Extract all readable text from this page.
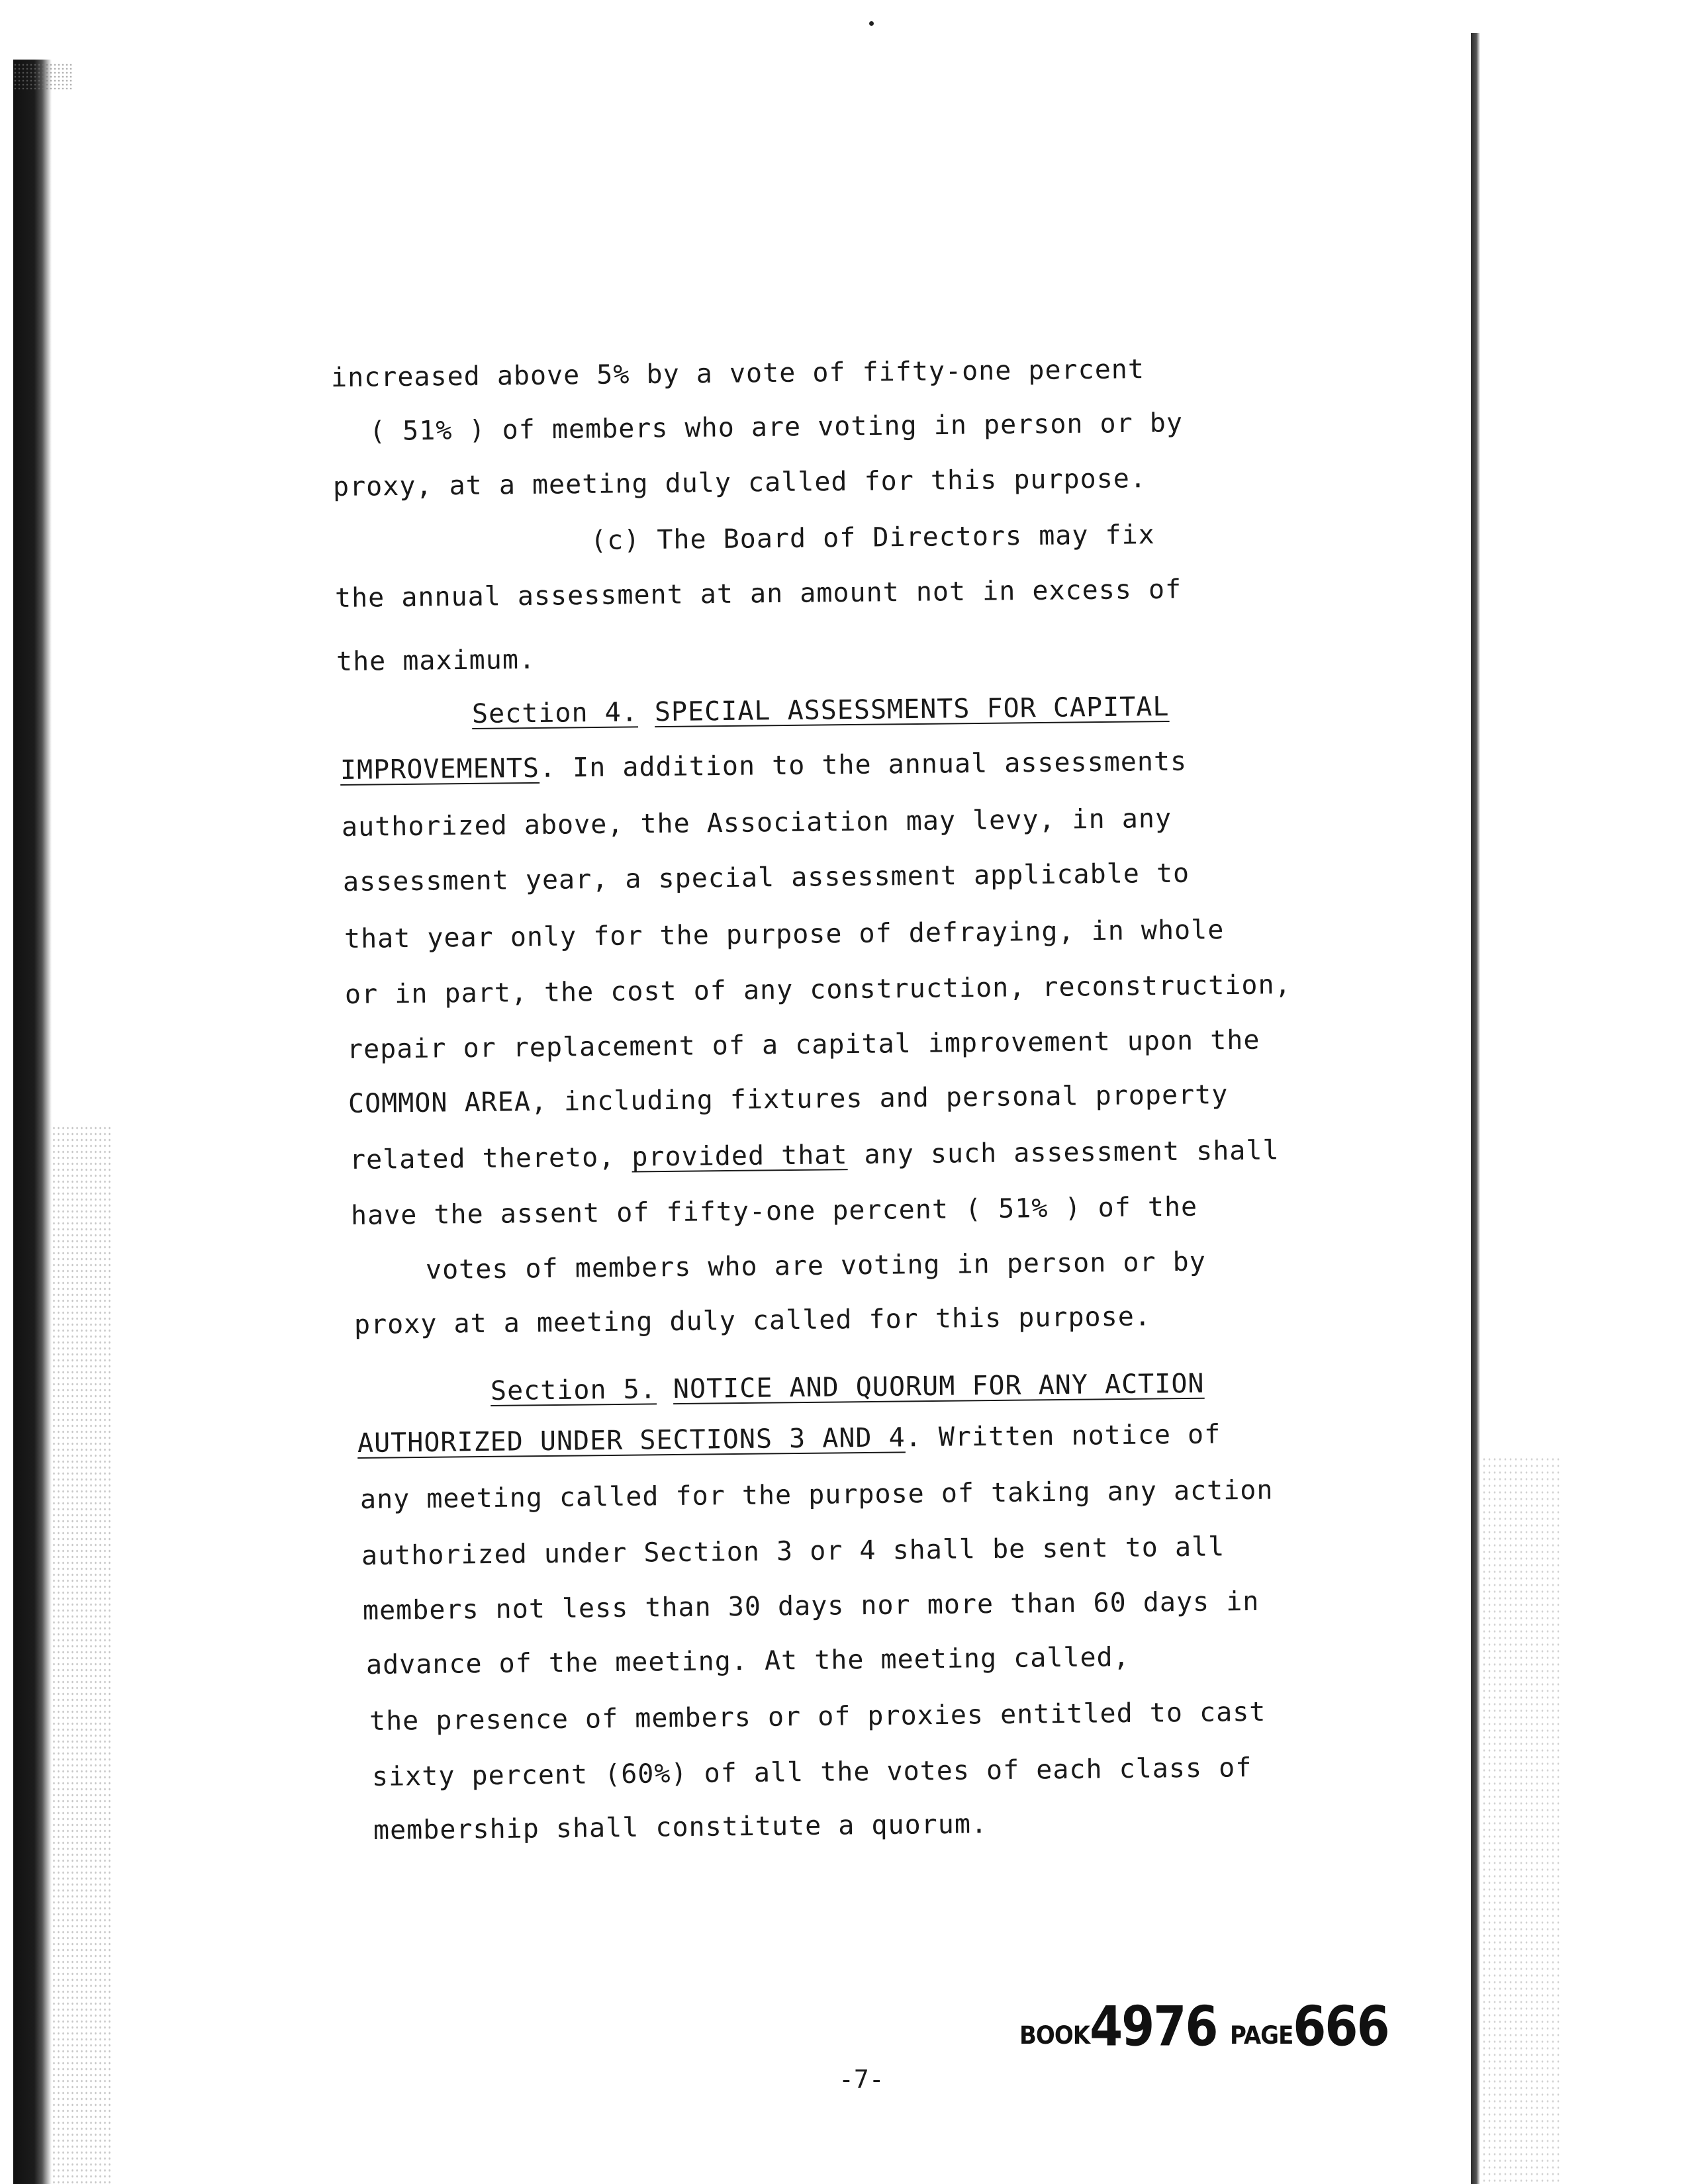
increased above 5% by a vote of fifty-one percent
( 51% ) of members who are voting in person or by
proxy, at a meeting duly called for this purpose.
(c) The Board of Directors may fix
the annual assessment at an amount not in excess of
the maximum.
Section 4. SPECIAL ASSESSMENTS FOR CAPITAL
IMPROVEMENTS. In addition to the annual assessments
authorized above, the Association may levy, in any
assessment year, a special assessment applicable to
that year only for the purpose of defraying, in whole
or in part, the cost of any construction, reconstruction,
repair or replacement of a capital improvement upon the
COMMON AREA, including fixtures and personal property
related thereto, provided that any such assessment shall
have the assent of fifty-one percent ( 51% ) of the
votes of members who are voting in person or by
proxy at a meeting duly called for this purpose.
Section 5. NOTICE AND QUORUM FOR ANY ACTION
AUTHORIZED UNDER SECTIONS 3 AND 4. Written notice of
any meeting called for the purpose of taking any action
authorized under Section 3 or 4 shall be sent to all
members not less than 30 days nor more than 60 days in
advance of the meeting. At the meeting called,
the presence of members or of proxies entitled to cast
sixty percent (60%) of all the votes of each class of
membership shall constitute a quorum.
BOOK4976 PAGE666
-7-
